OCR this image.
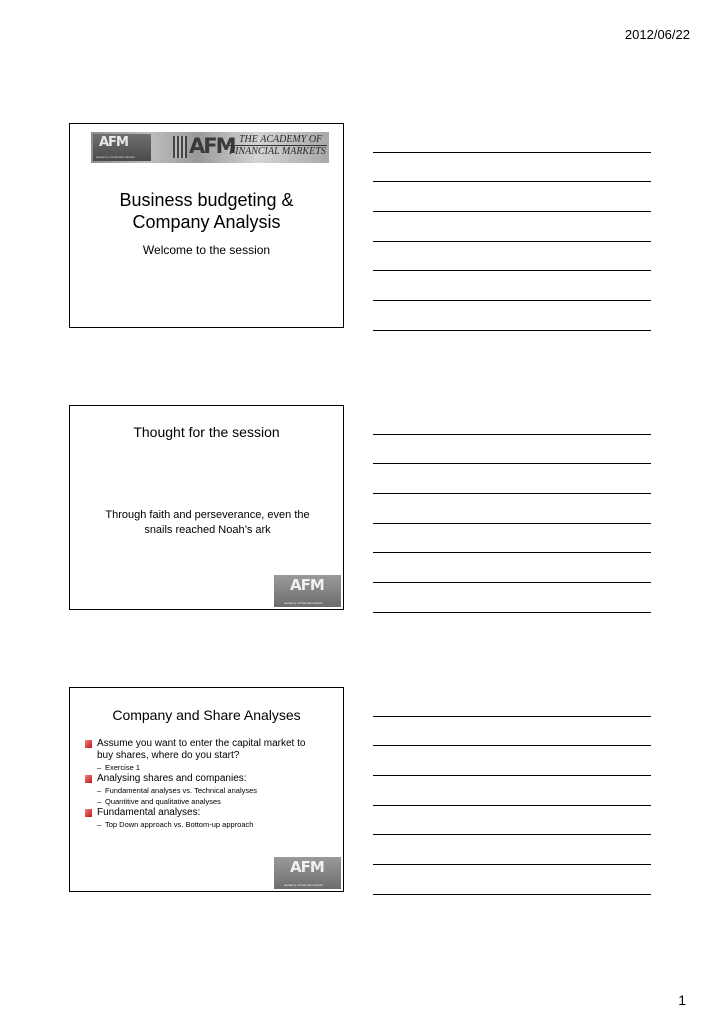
2012/06/22
AFM
academy of financial markets	AFM THE ACADEMY OF
FINANCIAL MARKETS
Business budgeting &
Company Analysis
Welcome to the session
Thought for the session
Through faith and perseverance, even the
snails reached Noah’s ark
AFM
academy of financial markets
Company and Share Analyses
Assume you want to enter the capital market to
buy shares, where do you start?
– Exercise 1
Analysing shares and companies:
– Fundamental analyses vs. Technical analyses
– Quantitive and qualitative analyses
Fundamental analyses:
– Top Down approach vs. Bottom-up approach
AFM
academy of financial markets
1
